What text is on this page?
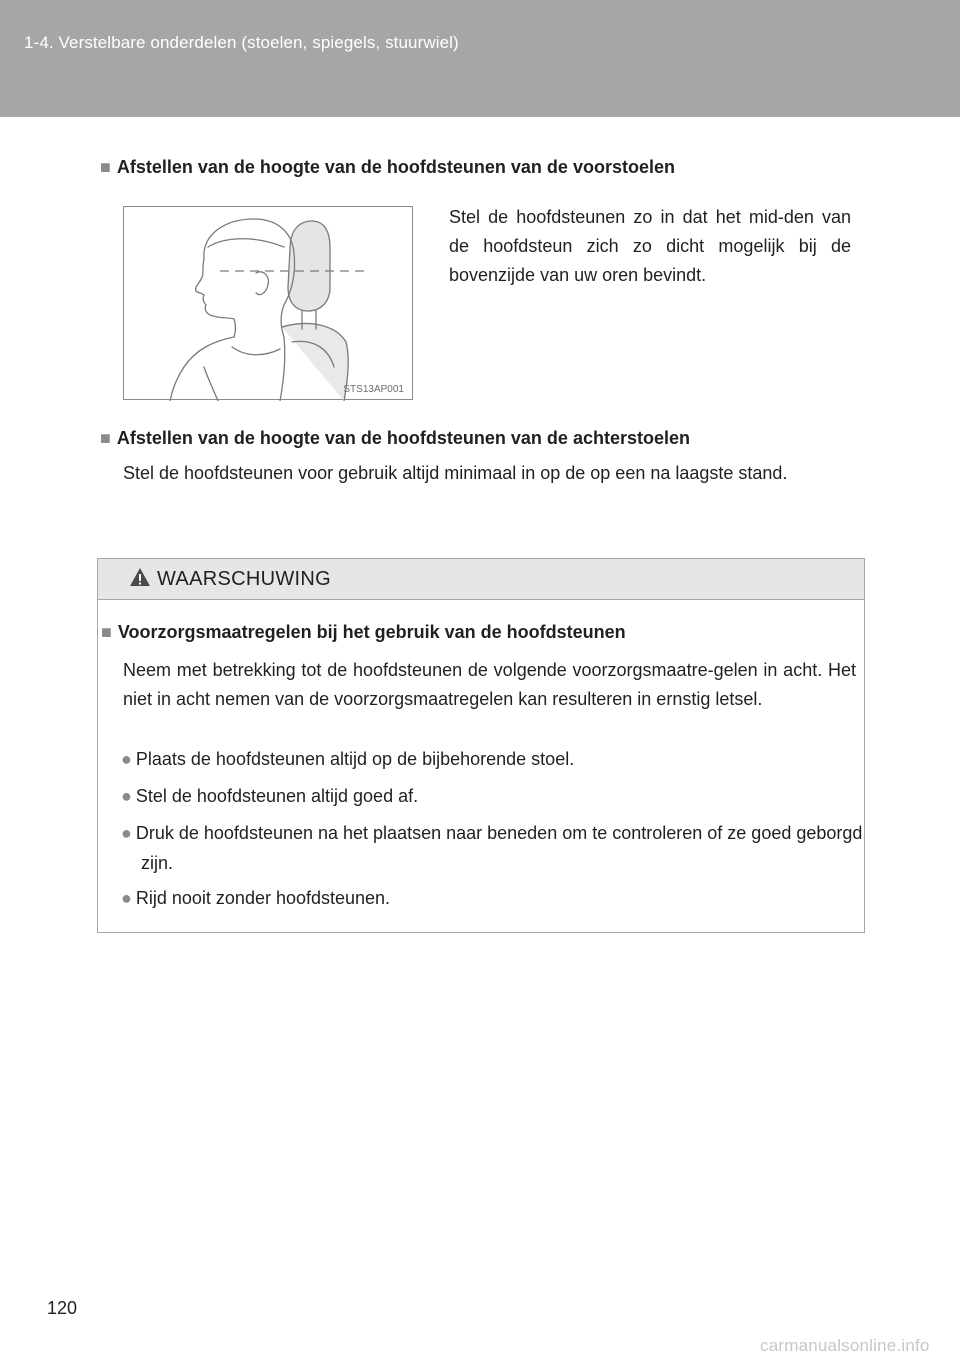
1-4. Verstelbare onderdelen (stoelen, spiegels, stuurwiel)
■ Afstellen van de hoogte van de hoofdsteunen van de voorstoelen
STS13AP001
Stel de hoofdsteunen zo in dat het mid-den van de hoofdsteun zich zo dicht mogelijk bij de bovenzijde van uw oren bevindt.
■ Afstellen van de hoogte van de hoofdsteunen van de achterstoelen
Stel de hoofdsteunen voor gebruik altijd minimaal in op de op een na laagste stand.
WAARSCHUWING
■ Voorzorgsmaatregelen bij het gebruik van de hoofdsteunen
Neem met betrekking tot de hoofdsteunen de volgende voorzorgsmaatre-gelen in acht. Het niet in acht nemen van de voorzorgsmaatregelen kan resulteren in ernstig letsel.
● Plaats de hoofdsteunen altijd op de bijbehorende stoel.
● Stel de hoofdsteunen altijd goed af.
● Druk de hoofdsteunen na het plaatsen naar beneden om te controleren of ze goed geborgd zijn.
● Rijd nooit zonder hoofdsteunen.
120
carmanualsonline.info
